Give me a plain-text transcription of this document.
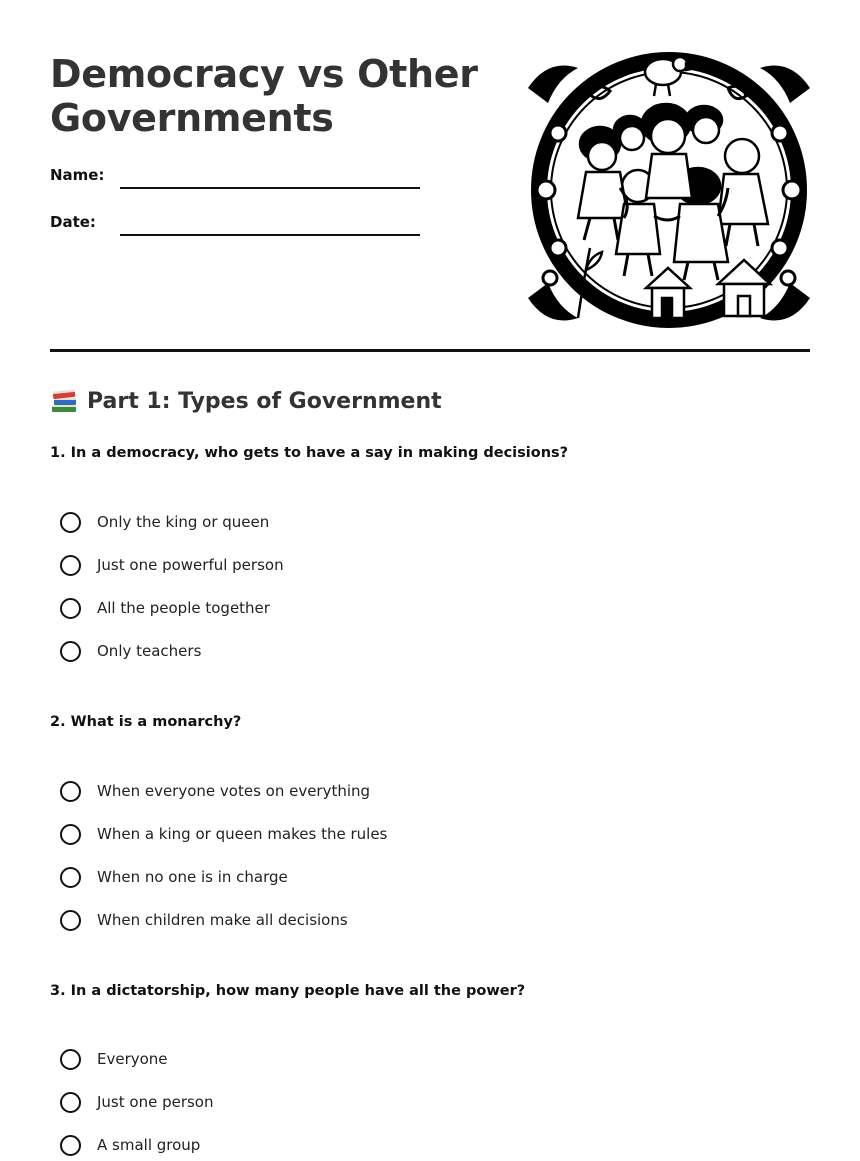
Democracy vs Other
Governments
Name:
Date:
Part 1: Types of Government
1. In a democracy, who gets to have a say in making decisions?
Only the king or queen
Just one powerful person
All the people together
Only teachers
2. What is a monarchy?
When everyone votes on everything
When a king or queen makes the rules
When no one is in charge
When children make all decisions
3. In a dictatorship, how many people have all the power?
Everyone
Just one person
A small group
